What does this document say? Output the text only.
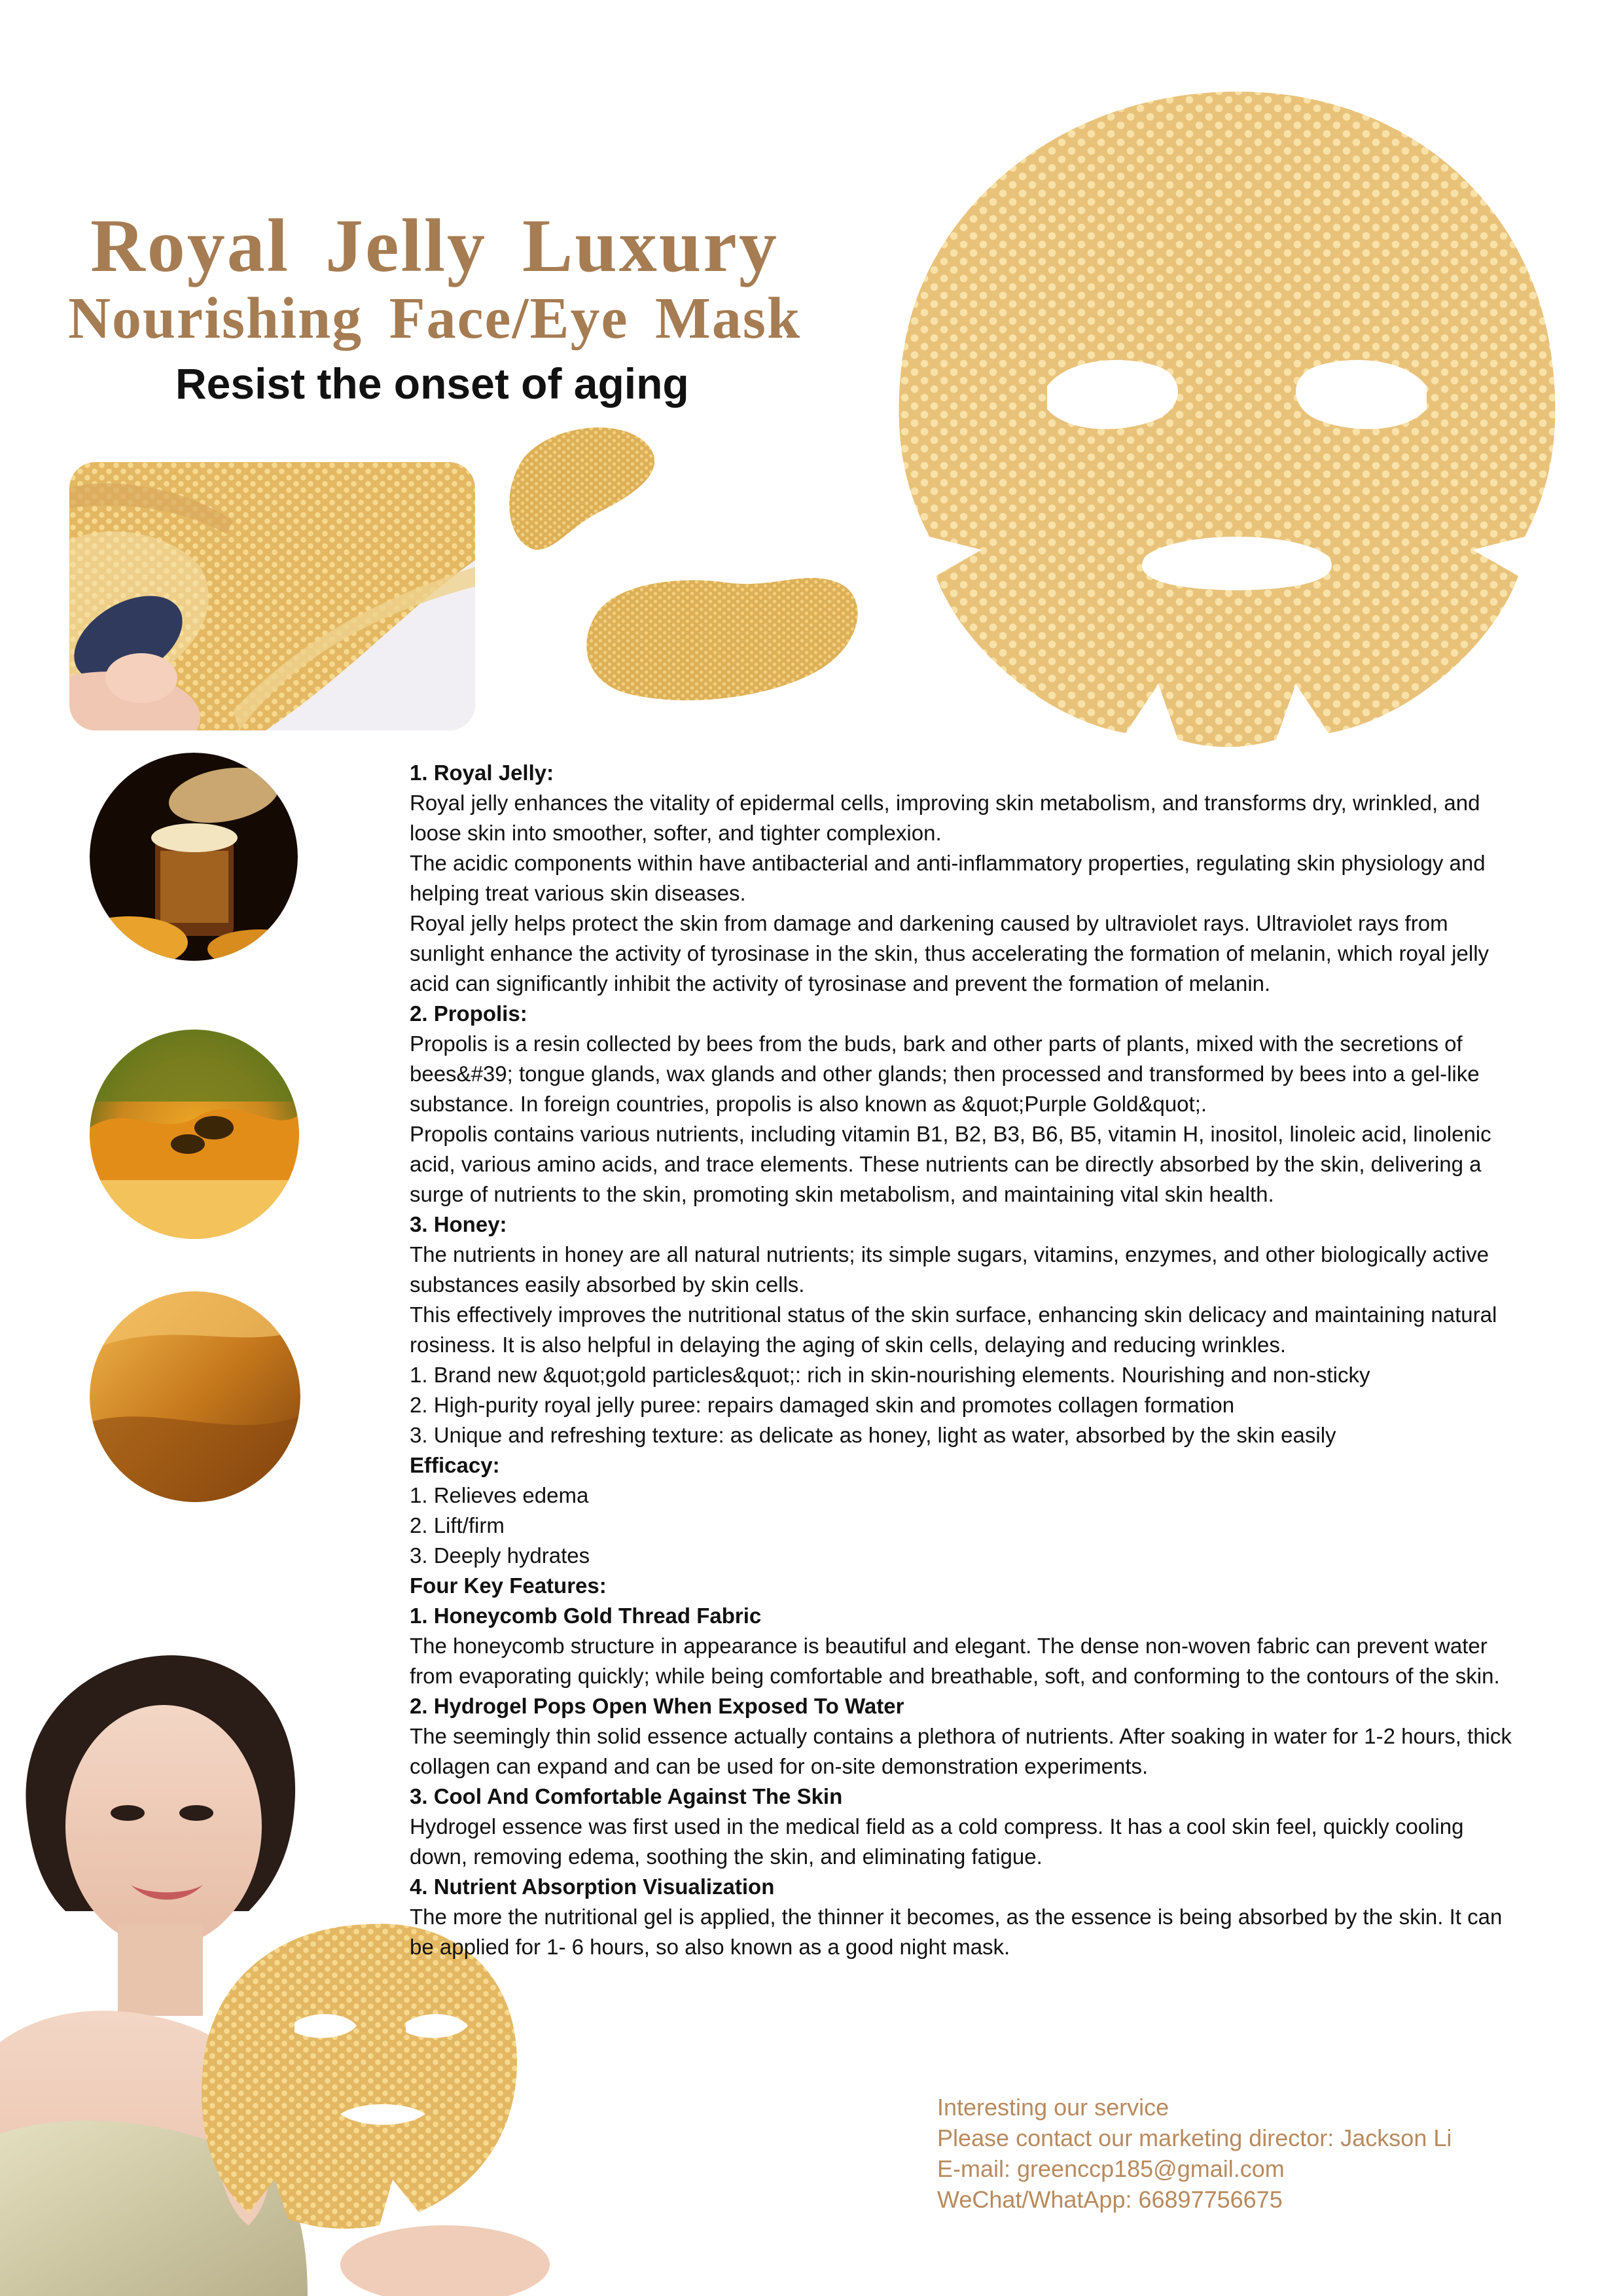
Royal Jelly Luxury
Nourishing Face/Eye Mask
Resist the onset of aging

1. Royal Jelly:

Royal jelly enhances the vitality of epidermal cells, improving skin metabolism, and transforms dry, wrinkled, and loose skin into smoother, softer, and tighter complexion.

The acidic components within have antibacterial and anti-inflammatory properties, regulating skin physiology and helping treat various skin diseases.

Royal jelly helps protect the skin from damage and darkening caused by ultraviolet rays. Ultraviolet rays from sunlight enhance the activity of tyrosinase in the skin, thus accelerating the formation of melanin, which royal jelly acid can significantly inhibit the activity of tyrosinase and prevent the formation of melanin.

2. Propolis:

Propolis is a resin collected by bees from the buds, bark and other parts of plants, mixed with the secretions of bees&#39; tongue glands, wax glands and other glands; then processed and transformed by bees into a gel-like substance. In foreign countries, propolis is also known as &quot;Purple Gold&quot;.

Propolis contains various nutrients, including vitamin B1, B2, B3, B6, B5, vitamin H, inositol, linoleic acid, linolenic acid, various amino acids, and trace elements. These nutrients can be directly absorbed by the skin, delivering a surge of nutrients to the skin, promoting skin metabolism, and maintaining vital skin health.

3. Honey:

The nutrients in honey are all natural nutrients; its simple sugars, vitamins, enzymes, and other biologically active substances easily absorbed by skin cells.

This effectively improves the nutritional status of the skin surface, enhancing skin delicacy and maintaining natural rosiness. It is also helpful in delaying the aging of skin cells, delaying and reducing wrinkles.

1. Brand new &quot;gold particles&quot;: rich in skin-nourishing elements. Nourishing and non-sticky

2. High-purity royal jelly puree: repairs damaged skin and promotes collagen formation

3. Unique and refreshing texture: as delicate as honey, light as water, absorbed by the skin easily

Efficacy:

1. Relieves edema

2. Lift/firm

3. Deeply hydrates

Four Key Features:

1. Honeycomb Gold Thread Fabric

The honeycomb structure in appearance is beautiful and elegant. The dense non-woven fabric can prevent water from evaporating quickly; while being comfortable and breathable, soft, and conforming to the contours of the skin.

2. Hydrogel Pops Open When Exposed To Water

The seemingly thin solid essence actually contains a plethora of nutrients. After soaking in water for 1-2 hours, thick collagen can expand and can be used for on-site demonstration experiments.

3. Cool And Comfortable Against The Skin

Hydrogel essence was first used in the medical field as a cold compress. It has a cool skin feel, quickly cooling down, removing edema, soothing the skin, and eliminating fatigue.

4. Nutrient Absorption Visualization

The more the nutritional gel is applied, the thinner it becomes, as the essence is being absorbed by the skin. It can be applied for 1- 6 hours, so also known as a good night mask.

Interesting our service

Please contact our marketing director: Jackson Li

E-mail: greenccp185@gmail.com

WeChat/WhatApp: 66897756675
